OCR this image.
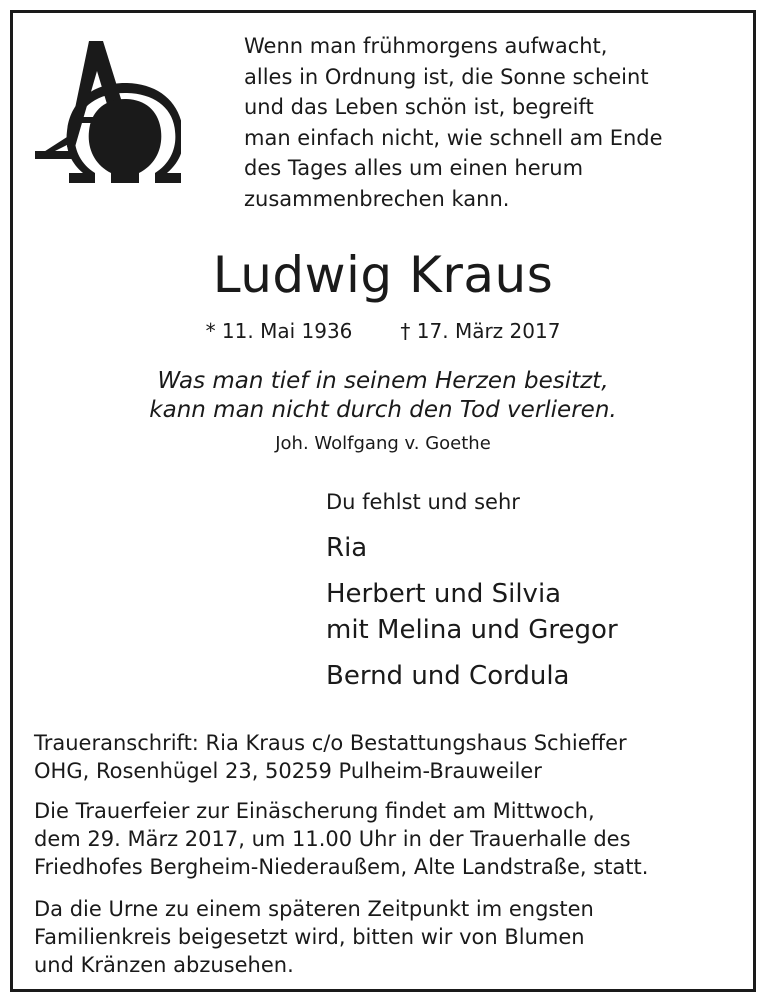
Wenn man frühmorgens aufwacht,
alles in Ordnung ist, die Sonne scheint
und das Leben schön ist, begreift
man einfach nicht, wie schnell am Ende
des Tages alles um einen herum
zusammenbrechen kann.
Ludwig Kraus
* 11. Mai 1936 † 17. März 2017
Was man tief in seinem Herzen besitzt,
kann man nicht durch den Tod verlieren.
Joh. Wolfgang v. Goethe
Du fehlst und sehr
Ria
Herbert und Silvia
mit Melina und Gregor
Bernd und Cordula
Traueranschrift: Ria Kraus c/o Bestattungshaus Schieffer
OHG, Rosenhügel 23, 50259 Pulheim-Brauweiler
Die Trauerfeier zur Einäscherung findet am Mittwoch,
dem 29. März 2017, um 11.00 Uhr in der Trauerhalle des
Friedhofes Bergheim-Niederaußem, Alte Landstraße, statt.
Da die Urne zu einem späteren Zeitpunkt im engsten
Familienkreis beigesetzt wird, bitten wir von Blumen
und Kränzen abzusehen.
